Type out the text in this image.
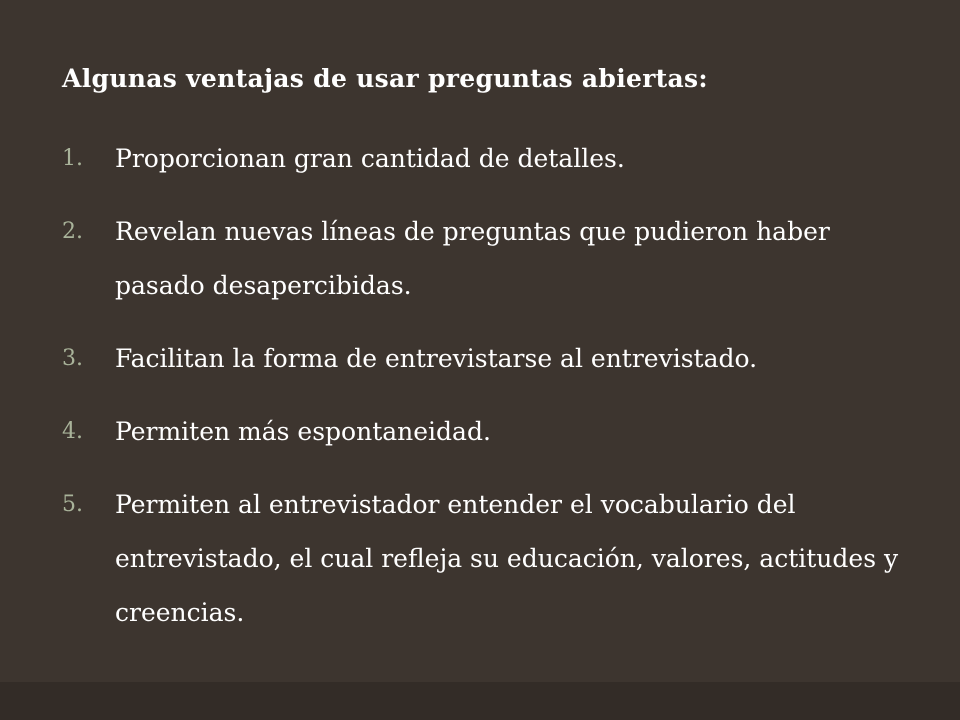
Algunas ventajas de usar preguntas abiertas:
1.	Proporcionan gran cantidad de detalles.
2.	Revelan nuevas líneas de preguntas que pudieron haber pasado desapercibidas.
3.	Facilitan la forma de entrevistarse al entrevistado.
4.	Permiten más espontaneidad.
5.	Permiten al entrevistador entender el vocabulario del entrevistado, el cual refleja su educación, valores, actitudes y creencias.
